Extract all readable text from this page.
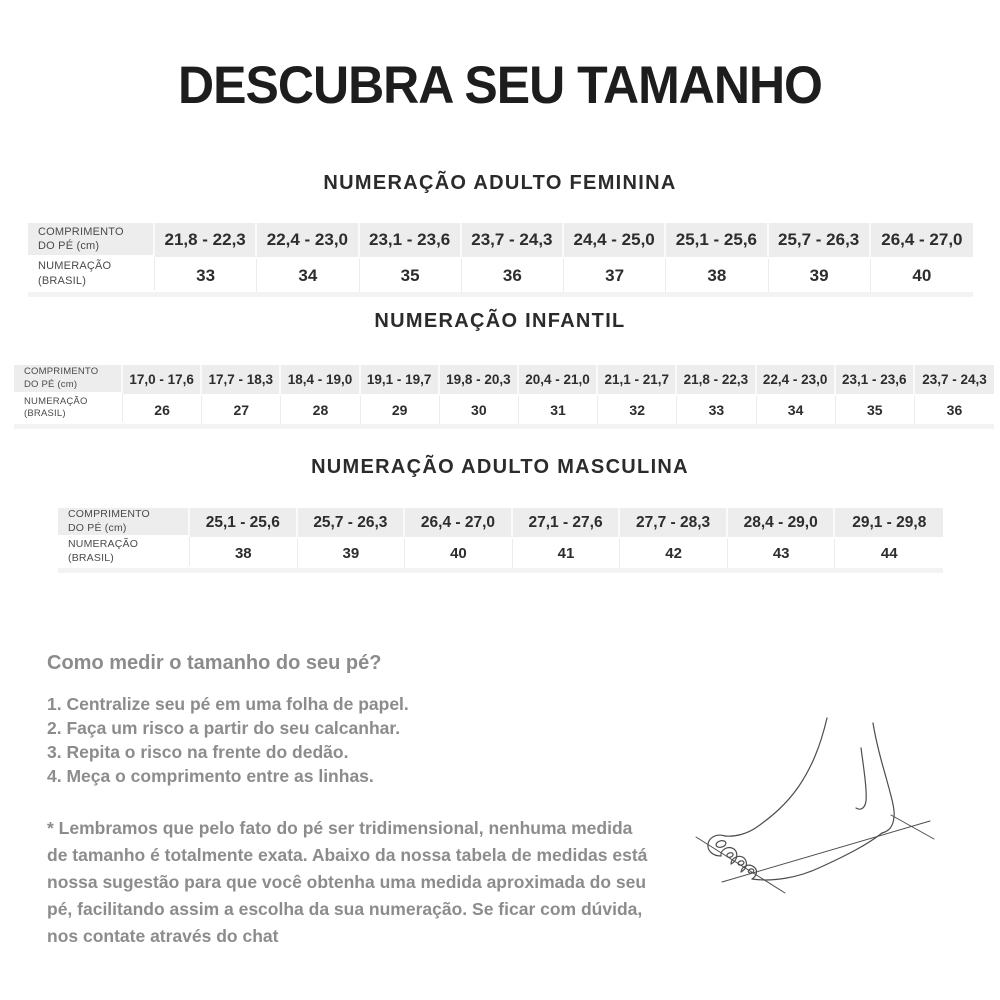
DESCUBRA SEU TAMANHO
NUMERAÇÃO ADULTO FEMININA
COMPRIMENTO
DO PÉ (cm)
NUMERAÇÃO
(BRASIL)
21,8 - 22,3
33
22,4 - 23,0
34
23,1 - 23,6
35
23,7 - 24,3
36
24,4 - 25,0
37
25,1 - 25,6
38
25,7 - 26,3
39
26,4 - 27,0
40
NUMERAÇÃO INFANTIL
COMPRIMENTO
DO PÉ (cm)
NUMERAÇÃO
(BRASIL)
17,0 - 17,6
26
17,7 - 18,3
27
18,4 - 19,0
28
19,1 - 19,7
29
19,8 - 20,3
30
20,4 - 21,0
31
21,1 - 21,7
32
21,8 - 22,3
33
22,4 - 23,0
34
23,1 - 23,6
35
23,7 - 24,3
36
NUMERAÇÃO ADULTO MASCULINA
COMPRIMENTO
DO PÉ (cm)
NUMERAÇÃO
(BRASIL)
25,1 - 25,6
38
25,7 - 26,3
39
26,4 - 27,0
40
27,1 - 27,6
41
27,7 - 28,3
42
28,4 - 29,0
43
29,1 - 29,8
44
Como medir o tamanho do seu pé?
1. Centralize seu pé em uma folha de papel.
2. Faça um risco a partir do seu calcanhar.
3. Repita o risco na frente do dedão.
4. Meça o comprimento entre as linhas.
* Lembramos que pelo fato do pé ser tridimensional, nenhuma medida de tamanho é totalmente exata. Abaixo da nossa tabela de medidas está nossa sugestão para que você obtenha uma medida aproximada do seu pé, facilitando assim a escolha da sua numeração. Se ficar com dúvida, nos contate através do chat
